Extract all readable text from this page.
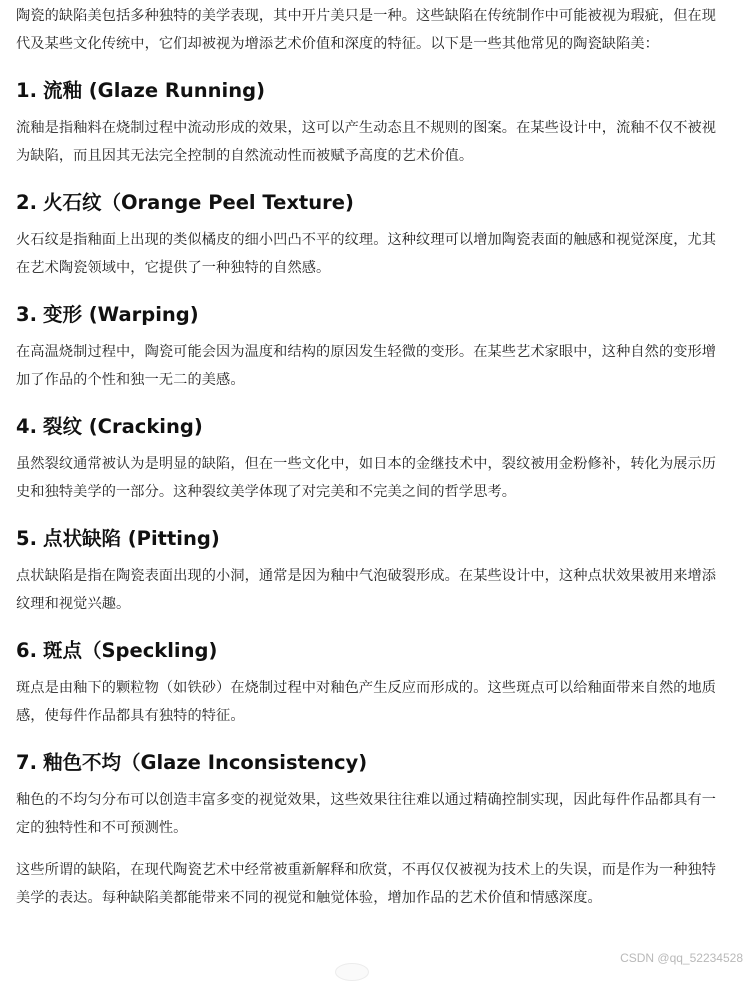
陶瓷的缺陷美包括多种独特的美学表现，其中开片美只是一种。这些缺陷在传统制作中可能被视为瑕疵，但在现代及某些文化传统中，它们却被视为增添艺术价值和深度的特征。以下是一些其他常见的陶瓷缺陷美：

1. 流釉 (Glaze Running)

流釉是指釉料在烧制过程中流动形成的效果，这可以产生动态且不规则的图案。在某些设计中，流釉不仅不被视为缺陷，而且因其无法完全控制的自然流动性而被赋予高度的艺术价值。

2. 火石纹（Orange Peel Texture)

火石纹是指釉面上出现的类似橘皮的细小凹凸不平的纹理。这种纹理可以增加陶瓷表面的触感和视觉深度，尤其在艺术陶瓷领域中，它提供了一种独特的自然感。

3. 变形 (Warping)

在高温烧制过程中，陶瓷可能会因为温度和结构的原因发生轻微的变形。在某些艺术家眼中，这种自然的变形增加了作品的个性和独一无二的美感。

4. 裂纹 (Cracking)

虽然裂纹通常被认为是明显的缺陷，但在一些文化中，如日本的金继技术中，裂纹被用金粉修补，转化为展示历史和独特美学的一部分。这种裂纹美学体现了对完美和不完美之间的哲学思考。

5. 点状缺陷 (Pitting)

点状缺陷是指在陶瓷表面出现的小洞，通常是因为釉中气泡破裂形成。在某些设计中，这种点状效果被用来增添纹理和视觉兴趣。

6. 斑点（Speckling)

斑点是由釉下的颗粒物（如铁砂）在烧制过程中对釉色产生反应而形成的。这些斑点可以给釉面带来自然的地质感，使每件作品都具有独特的特征。

7. 釉色不均（Glaze Inconsistency)

釉色的不均匀分布可以创造丰富多变的视觉效果，这些效果往往难以通过精确控制实现，因此每件作品都具有一定的独特性和不可预测性。

这些所谓的缺陷，在现代陶瓷艺术中经常被重新解释和欣赏，不再仅仅被视为技术上的失误，而是作为一种独特美学的表达。每种缺陷美都能带来不同的视觉和触觉体验，增加作品的艺术价值和情感深度。

CSDN @qq_52234528
